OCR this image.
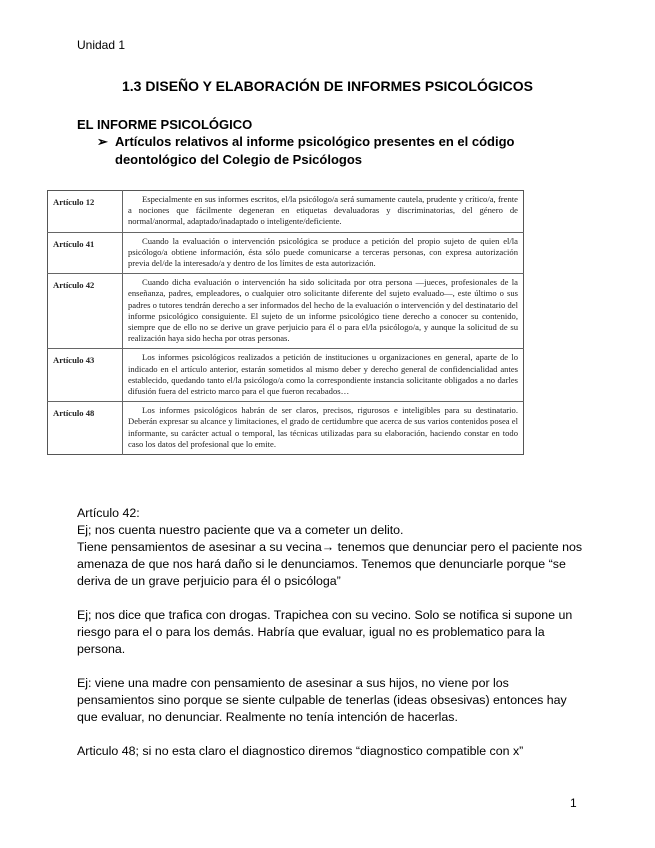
Unidad 1
1.3 DISEÑO Y ELABORACIÓN DE INFORMES PSICOLÓGICOS
EL INFORME PSICOLÓGICO
➢ Artículos relativos al informe psicológico presentes en el código deontológico del Colegio de Psicólogos
Artículo 12	Especialmente en sus informes escritos, el/la psicólogo/a será sumamente cautela, prudente y crítico/a, frente a nociones que fácilmente degeneran en etiquetas devaluadoras y discriminatorias, del género de normal/anormal, adaptado/inadaptado o inteligente/deficiente.
Artículo 41	Cuando la evaluación o intervención psicológica se produce a petición del propio sujeto de quien el/la psicólogo/a obtiene información, ésta sólo puede comunicarse a terceras personas, con expresa autorización previa del/de la interesado/a y dentro de los límites de esta autorización.
Artículo 42	Cuando dicha evaluación o intervención ha sido solicitada por otra persona —jueces, profesionales de la enseñanza, padres, empleadores, o cualquier otro solicitante diferente del sujeto evaluado—, este último o sus padres o tutores tendrán derecho a ser informados del hecho de la evaluación o intervención y del destinatario del informe psicológico consiguiente. El sujeto de un informe psicológico tiene derecho a conocer su contenido, siempre que de ello no se derive un grave perjuicio para él o para el/la psicólogo/a, y aunque la solicitud de su realización haya sido hecha por otras personas.
Artículo 43	Los informes psicológicos realizados a petición de instituciones u organizaciones en general, aparte de lo indicado en el artículo anterior, estarán sometidos al mismo deber y derecho general de confidencialidad antes establecido, quedando tanto el/la psicólogo/a como la correspondiente instancia solicitante obligados a no darles difusión fuera del estricto marco para el que fueron recabados…
Artículo 48	Los informes psicológicos habrán de ser claros, precisos, rigurosos e inteligibles para su destinatario. Deberán expresar su alcance y limitaciones, el grado de certidumbre que acerca de sus varios contenidos posea el informante, su carácter actual o temporal, las técnicas utilizadas para su elaboración, haciendo constar en todo caso los datos del profesional que lo emite.

Artículo 42:
Ej; nos cuenta nuestro paciente que va a cometer un delito.
Tiene pensamientos de asesinar a su vecina→ tenemos que denunciar pero el paciente nos amenaza de que nos hará daño si le denunciamos. Tenemos que denunciarle porque “se deriva de un grave perjuicio para él o psicóloga”

Ej; nos dice que trafica con drogas. Trapichea con su vecino. Solo se notifica si supone un riesgo para el o para los demás. Habría que evaluar, igual no es problematico para la persona.

Ej: viene una madre con pensamiento de asesinar a sus hijos, no viene por los pensamientos sino porque se siente culpable de tenerlas (ideas obsesivas) entonces hay que evaluar, no denunciar. Realmente no tenía intención de hacerlas.

Articulo 48; si no esta claro el diagnostico diremos “diagnostico compatible con x”

1
